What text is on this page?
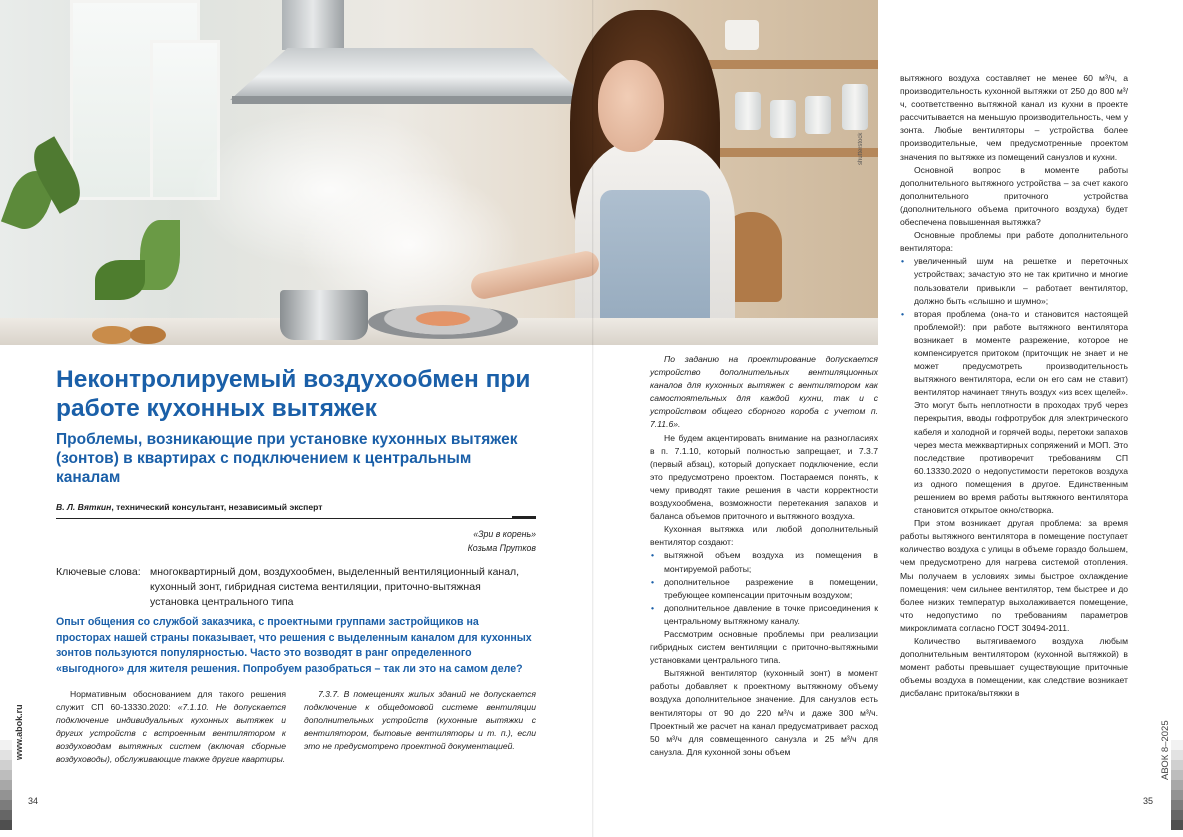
shutterstock
Неконтролируемый воздухообмен при работе кухонных вытяжек
Проблемы, возникающие при установке кухонных вытяжек (зонтов) в квартирах с подключением к центральным каналам
В. Л. Вяткин, технический консультант, независимый эксперт
«Зри в корень»
Козьма Прутков
Ключевые слова: многоквартирный дом, воздухообмен, выделенный вентиляционный канал, кухонный зонт, гибридная система вентиляции, приточно-вытяжная установка центрального типа

Опыт общения со службой заказчика, с проектными группами застройщиков на просторах нашей страны показывает, что решения с выделенным каналом для кухонных зонтов пользуются популярностью. Часто это возводят в ранг определенного «выгодного» для жителя решения. Попробуем разобраться – так ли это на самом деле?

Нормативным обоснованием для такого решения служит СП 60-13330.2020: «7.1.10. Не допускается подключение индивидуальных кухонных вытяжек и других устройств с встроенным вентилятором к воздуховодам вытяжных систем (включая сборные воздуховоды), обслуживающие также другие квартиры.

7.3.7. В помещениях жилых зданий не допускается подключение к общедомовой системе вентиляции дополнительных устройств (кухонные вытяжки с вентилятором, бытовые вентиляторы и т. п.), если это не предусмотрено проектной документацией.

По заданию на проектирование допускается устройство дополнительных вентиляционных каналов для кухонных вытяжек с вентилятором как самостоятельных для каждой кухни, так и с устройством общего сборного короба с учетом п. 7.11.6».

Не будем акцентировать внимание на разногласиях в п. 7.1.10, который полностью запрещает, и 7.3.7 (первый абзац), который допускает подключение, если это предусмотрено проектом. Постараемся понять, к чему приводят такие решения в части корректности воздухообмена, возможности перетекания запахов и баланса объемов приточного и вытяжного воздуха.

Кухонная вытяжка или любой дополнительный вентилятор создают:

• вытяжной объем воздуха из помещения в монтируемой работы;
• дополнительное разрежение в помещении, требующее компенсации приточным воздухом;
• дополнительное давление в точке присоединения к центральному вытяжному каналу.

Рассмотрим основные проблемы при реализации гибридных систем вентиляции с приточно-вытяжными установками центрального типа.

Вытяжной вентилятор (кухонный зонт) в момент работы добавляет к проектному вытяжному объему воздуха дополнительное значение. Для санузлов есть вентиляторы от 90 до 220 м³/ч и даже 300 м³/ч. Проектный же расчет на канал предусматривает расход 50 м³/ч для совмещенного санузла и 25 м³/ч для санузла. Для кухонной зоны объем

вытяжного воздуха составляет не менее 60 м³/ч, а производительность кухонной вытяжки от 250 до 800 м³/ч, соответственно вытяжной канал из кухни в проекте рассчитывается на меньшую производительность, чем у зонта. Любые вентиляторы – устройства более производительные, чем предусмотренные проектом значения по вытяжке из помещений санузлов и кухни.

Основной вопрос в моменте работы дополнительного вытяжного устройства – за счет какого дополнительного приточного устройства (дополнительного объема приточного воздуха) будет обеспечена повышенная вытяжка?

Основные проблемы при работе дополнительного вентилятора:

• увеличенный шум на решетке и переточных устройствах; зачастую это не так критично и многие пользователи привыкли – работает вентилятор, должно быть «слышно и шумно»;
• вторая проблема (она-то и становится настоящей проблемой!): при работе вытяжного вентилятора возникает в моменте разрежение, которое не компенсируется притоком (приточщик не знает и не может предусмотреть производительность вытяжного вентилятора, если он его сам не ставит) вентилятор начинает тянуть воздух «из всех щелей». Это могут быть неплотности в проходах труб через перекрытия, вводы гофротрубок для электрического кабеля и холодной и горячей воды, перетоки запахов через места межквартирных сопряжений и МОП. Это последствие противоречит требованиям СП 60.13330.2020 о недопустимости перетоков воздуха из одного помещения в другое. Единственным решением во время работы вытяжного вентилятора становится открытое окно/створка.

При этом возникает другая проблема: за время работы вытяжного вентилятора в помещение поступает количество воздуха с улицы в объеме гораздо большем, чем предусмотрено для нагрева системой отопления. Мы получаем в условиях зимы быстрое охлаждение помещения: чем сильнее вентилятор, тем быстрее и до более низких температур выхолаживается помещение, что недопустимо по требованиям параметров микроклимата согласно ГОСТ 30494-2011.

Количество вытягиваемого воздуха любым дополнительным вентилятором (кухонной вытяжкой) в момент работы превышает существующие приточные объемы воздуха в помещении, как следствие возникает дисбаланс притока/вытяжки в

www.abok.ru	АВОК 8–2025
34	35
